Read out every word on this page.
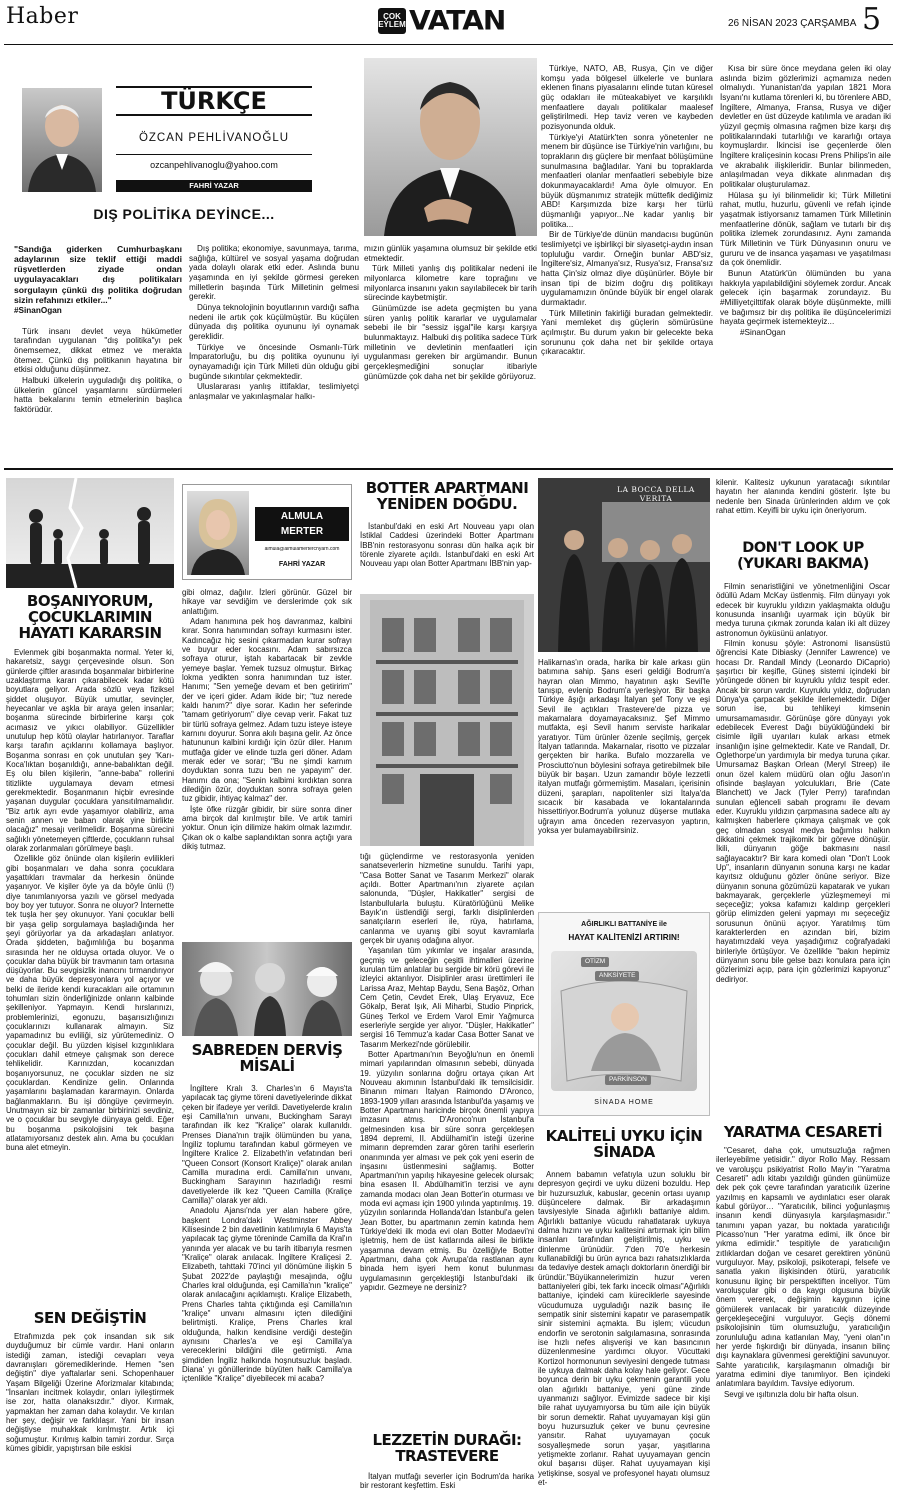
Haber	ÇOK EYLEM VATAN	26 NİSAN 2023 ÇARŞAMBA 5
TÜRKÇE
ÖZCAN PEHLİVANOĞLU
ozcanpehlivanoglu@yahoo.com
FAHRİ YAZAR
DIŞ POLİTİKA DEYİNCE...

"Sandığa giderken Cumhurbaşkanı adaylarının size teklif ettiği maddi rüşvetlerden ziyade ondan uygulayacakları dış politikaları sorgulayın çünkü dış politika doğrudan sizin refahınızı etkiler..."

#SinanOgan

Türk insanı devlet veya hükümetler tarafından uygulanan "dış politika"yı pek önemsemez, dikkat etmez ve merakta ötemez. Çünkü dış politikanın hayatına bir etkisi olduğunu düşünmez.

Halbuki ülkelerin uyguladığı dış politika, o ülkelerin güncel yaşamlarını sürdürmeleri hatta bekalarını temin etmelerinin başlıca faktörüdür.

Dış politika; ekonomiye, savunmaya, tarıma, sağlığa, kültürel ve sosyal yaşama doğrudan yada dolaylı olarak etki eder. Aslında bunu yaşamında en iyi şekilde görmesi gereken milletlerin başında Türk Milletinin gelmesi gerekir.

Dünya teknolojinin boyutlarının vardığı safha nedeni ile artık çok küçülmüştür. Bu küçülen dünyada dış politika oyununu iyi oynamak gereklidir.

Türkiye ve öncesinde Osmanlı-Türk İmparatorluğu, bu dış politika oyununu iyi oynayamadığı için Türk Milleti dün olduğu gibi bugünde sıkıntılar çekmektedir.

Uluslararası yanlış ittifaklar, teslimiyetçi anlaşmalar ve yakınlaşmalar halkı-

mızın günlük yaşamına olumsuz bir şekilde etki etmektedir.

Türk Milleti yanlış dış politikalar nedeni ile milyonlarca kilometre kare toprağını ve milyonlarca insanını yakın sayılabilecek bir tarih sürecinde kaybetmiştir.

Günümüzde ise adeta geçmişten bu yana süren yanlış politik kararlar ve uygulamalar sebebi ile bir "sessiz işgal"ile karşı karşıya bulunmaktayız. Halbuki dış politika sadece Türk milletinin ve devletinin menfaatleri için uygulanması gereken bir argümandır. Bunun gerçekleşmediğini sonuçlar itibariyle günümüzde çok daha net bir şekilde görüyoruz.

Türkiye, NATO, AB, Rusya, Çin ve diğer komşu yada bölgesel ülkelerle ve bunlara eklenen finans piyasalarını elinde tutan küresel güç odakları ile müteakabiyet ve karşılıklı menfaatlere dayalı politikalar maalesef geliştirilmedi. Hep taviz veren ve kaybeden pozisyonunda olduk.

Türkiye'yi Atatürk'ten sonra yönetenler ne menem bir düşünce ise Türkiye'nin varlığını, bu toprakların dış güçlere bir menfaat bölüşümüne sunulmasına bağladılar. Yani bu topraklarda menfaatleri olanlar menfaatleri sebebiyle bize dokunmayacaklardı! Ama öyle olmuyor. En büyük düşmanımız stratejik müttefik dediğimiz ABD! Karşımızda bize karşı her türlü düşmanlığı yapıyor...Ne kadar yanlış bir politika...

Bir de Türkiye'de dünün mandacısı bugünün teslimiyetçi ve işbirlikçi bir siyasetçi-aydın insan topluluğu vardır. Örneğin bunlar ABD'siz, İngiltere'siz, Almanya'sız, Rusya'sız, Fransa'sız hatta Çin'siz olmaz diye düşünürler. Böyle bir insan tipi de bizim doğru dış politikayı uygulamamızın önünde büyük bir engel olarak durmaktadır.

Türk Milletinin fakirliği buradan gelmektedir. Yani memleket dış güçlerin sömürüsüne açılmıştır. Bu durum yakın bir gelecekte beka sorununu çok daha net bir şekilde ortaya çıkaracaktır.

Kısa bir süre önce meydana gelen iki olay aslında bizim gözlerimizi açmamıza neden olmalıydı. Yunanistan'da yapılan 1821 Mora İsyanı'nı kutlama törenleri ki, bu törenlere ABD, İngiltere, Almanya, Fransa, Rusya ve diğer devletler en üst düzeyde katılımla ve aradan iki yüzyıl geçmiş olmasına rağmen bize karşı dış politikalarındaki tutarlılığı ve kararlığı ortaya koymuşlardır. İkincisi ise geçenlerde ölen İngiltere kraliçesinin kocası Prens Philips'in aile ve akrabalık ilişkileridir. Bunlar bilinmeden, anlaşılmadan veya dikkate alınmadan dış politikalar oluşturulamaz.

Hülasa şu iyi bilinmelidir ki; Türk Milletini rahat, mutlu, huzurlu, güvenli ve refah içinde yaşatmak istiyorsanız tamamen Türk Milletinin menfaatlerine dönük, sağlam ve tutarlı bir dış politika izlemek zorundasınız. Aynı zamanda Türk Milletinin ve Türk Dünyasının onuru ve gururu ve de insanca yaşaması ve yaşatılması da çok önemlidir.

Bunun Atatürk'ün ölümünden bu yana hakkıyla yapılabildiğini söylemek zordur. Ancak gelecek için başarmak zorundayız. Bu #Milliyetçilttifak olarak böyle düşünmekte, milli ve bağımsız bir dış politika ile düşüncelerimizi hayata geçirmek istemekteyiz...

#SinanOgan

BOŞANIYORUM, ÇOCUKLARIMIN HAYATI KARARSIN

Evlenmek gibi boşanmakta normal. Yeter ki, hakaretsiz, saygı çerçevesinde olsun. Son günlerde çiftler arasında boşanmalar birbirlerine uzaklaştırma kararı çıkarabilecek kadar kötü boyutlara geliyor. Arada sözlü veya fiziksel şiddet oluşuyor. Büyük umutlar, sevinçler, heyecanlar ve aşkla bir araya gelen insanlar; boşanma sürecinde birbirlerine karşı çok acımasız ve yıkıcı olabiliyor. Güzellikler unutulup hep kötü olaylar hatırlanıyor. Taraflar karşı tarafın açıklarını kollamaya başlıyor. Boşanma sonrası en çok unutulan şey 'Karı-Koca'lıktan boşanıldığı, anne-babalıktan değil. Eş olu bilen kişilerin, "anne-baba" rollerini titizlikte uygulamaya devam etmesi gerekmektedir. Boşanmanın hiçbir evresinde yaşanan duygular çocuklara yansıtılmamalıdır. "Biz artık ayrı evde yaşamıyor olabiliriz, ama senin annen ve baban olarak yine birlikte olacağız" mesajı verilmelidir. Boşanma sürecini sağlıklı yönetemeyen çiftlerde, çocukların ruhsal olarak zorlanmaları görülmeye başlı.

Özellikle göz önünde olan kişilerin evlilikleri gibi boşanmaları ve daha sonra çocuklara yaşattıkları travmalar da herkesin önünde yaşanıyor. Ve kişiler öyle ya da böyle ünlü (!) diye tanımlanıyorsa yazılı ve görsel medyada boy boy yer tutuyor. Sonra ne oluyor? İnternette tek tuşla her şey okunuyor. Yani çocuklar belli bir yaşa gelip sorgulamaya başladığında her şeyi görüyorlar ya da arkadaşları anlatıyor. Orada şiddeten, bağımlılığa bu boşanma sırasında her ne olduysa ortada oluyor. Ve o çocuklar daha büyük bir travmanın tam ortasına düşüyorlar. Bu sevgisizlik inancını tırmandırıyor ve daha büyük depresyonlara yol açıyor ve belki de ileride kendi kuracakları aile ortamının tohumları sizin önderliğinizde onların kalbinde şekilleniyor. Yapmayın. Kendi hırslarınızı, problemlerinizi, egonuzu, başarısızlığınızı çocuklarınızı kullanarak almayın. Siz yapamadınız bu evliliği, siz yürütemediniz. O çocuklar değil. Bu yüzden kişisel kızgınlıklara çocukları dahil etmeye çalışmak son derece tehlikelidir. Karınızdan, kocanızdan boşanıyorsunuz, ne çocuklar sizden ne siz çocuklardan. Kendinize gelin. Onlarında yaşamlarını başlamadan kararmayın. Onlarda bağlanmakların. Bu işi döngüye çevirmeyin. Unutmayın siz bir zamanlar birbirinizi sevdiniz, ve o çocuklar bu sevgiyle dünyaya geldi. Eğer bu boşanma psikolojisini tek başına atlatamıyorsanız destek alın. Ama bu çocukları buna alet etmeyin.

SEN DEĞİŞTİN

Etrafımızda pek çok insandan sık sık duyduğumuz bir cümle vardır. Hani onların istediği zaman, istediği cevapları veya davranışları göremediklerinde. Hemen "sen değiştin" diye yaftalarlar seni. Schopenhauer Yaşam Bilgeliği Üzerine Aforizmalar kitabında; "İnsanları incitmek kolaydır, onları iyileştirmek ise zor, hatta olanaksızdır." diyor. Kırmak, yapmaktan her zaman daha kolaydır. Ve kırılan her şey, değişir ve farklılaşır. Yani bir insan değiştiyse muhakkak kırılmıştır. Artık içi soğumuştur. Kırılmış kalbin tamiri zordur. Sırça kümes gibidir, yapıştırsan bile eskisi

ALMULA
MERTER
almula@almulamerterchyarn.com
FAHRİ YAZAR

gibi olmaz, dağılır. İzleri görünür. Güzel bir hikaye var sevdiğim ve derslerimde çok sık anlattığım.

Adam hanımına pek hoş davranmaz, kalbini kırar. Sonra hanımından sofrayı kurmasını ister. Kadıncağız hiç sesini çıkarmadan kurar sofrayı ve buyur eder kocasını. Adam sabırsızca sofraya oturur, iştah kabartacak bir zevkle yemeye başlar. Yemek tuzsuz olmuştur. Birkaç lokma yedikten sonra hanımından tuz ister. Hanımı; "Sen yemeğe devam et ben getiririm" der ve içeri gider. Adam ikide bir; "tuz nerede kaldı hanım?" diye sorar. Kadın her seferinde "tamam getiriyorum" diye cevap verir. Fakat tuz bir türlü sofraya gelmez. Adam tuzu isteye isteye karnını doyurur. Sonra akılı başına gelir. Az önce hatununun kalbini kırdığı için özür diler. Hanım mutfağa gider ve elinde tuzla geri döner. Adam merak eder ve sorar; "Bu ne şimdi karnım doyduktan sonra tuzu ben ne yapayım" der. Hanımı da ona; "Senin kalbimi kırdıktan sonra dilediğin özür, doyduktan sonra sofraya gelen tuz gibidir, ihtiyaç kalmaz" der.

İşte öfke rüzgâr gibidir, bir süre sonra diner ama birçok dal kırılmıştır bile. Ve artık tamiri yoktur. Onun için dilimize hakim olmak lazımdır. Çıkan ok o kalbe saplandıktan sonra açtığı yara dikiş tutmaz.

SABREDEN DERVİŞ MİSALİ

İngiltere Kralı 3. Charles'ın 6 Mayıs'ta yapılacak taç giyme töreni davetiyelerinde dikkat çeken bir ifadeye yer verildi. Davetiyelerde kralın eşi Camilla'nın unvanı, Buckingham Sarayı tarafından ilk kez "Kraliçe" olarak kullanıldı. Prenses Diana'nın trajik ölümünden bu yana, İngiliz toplumu tarafından kabul görmeyen ve İngiltere Kralice 2. Elizabeth'in vefatından beri "Queen Consort (Konsort Kraliçe)" olarak anılan Camilla muradına erdi. Camilla'nın unvanı, Buckingham Sarayının hazırladığı resmi davetiyelerde ilk kez "Queen Camilla (Kraliçe Camilla)" olarak yer aldı.

Anadolu Ajansı'nda yer alan habere göre, başkent Londra'daki Westminster Abbey Kilisesinde 2 bin davetlinin katılımıyla 6 Mayıs'ta yapılacak taç giyme töreninde Camilla da Kral'ın yanında yer alacak ve bu tarih itibarıyla resmen "Kraliçe" olarak anılacak. İngiltere Kraliçesi 2. Elizabeth, tahttaki 70'inci yıl dönümüne ilişkin 5 Şubat 2022'de paylaştığı mesajında, oğlu Charles kral olduğunda, eşi Camilla'nın "kraliçe" olarak anılacağını açıklamıştı. Kraliçe Elizabeth, Prens Charles tahta çıktığında eşi Camilla'nın "kraliçe" unvanı almasını içten dilediğini belirtmişti. Kraliçe, Prens Charles kral olduğunda, halkın kendisine verdiği desteğin aynısını Charles'a ve eşi Camilla'ya vereceklerini bildiğini dile getirmişti. Ama şimdiden İngiliz halkında hoşnutsuzluk başladı. Diana' yı gönüllerinde büyüten halk Camilla'ya içtenlikle "Kraliçe" diyebilecek mi acaba?

BOTTER APARTMANI YENİDEN DOĞDU.

İstanbul'daki en eski Art Nouveau yapı olan İstiklal Caddesi üzerindeki Botter Apartmanı İBB'nin restorasyonu sonrası dün halka açık bir törenle ziyarete açıldı. İstanbul'daki en eski Art Nouveau yapı olan Botter Apartmanı İBB'nin yap-

tığı güçlendirme ve restorasyonla yeniden sanatseverlerin hizmetine sunuldu. Tarihi yapı, "Casa Botter Sanat ve Tasarım Merkezi" olarak açıldı. Botter Apartmanı'nın ziyarete açılan salonunda, "Düşler, Hakikatler" sergisi de İstanbullularla buluştu. Küratörlüğünü Melike Bayık'ın üstlendiği sergi, farklı disiplinlerden sanatçıların eserleri ile, rüya, hatırlama, canlanma ve uyanış gibi soyut kavramlarla gerçek bir uyanış odağına alıyor.

Yaşanılan tüm yıkımlar ve inşalar arasında, geçmiş ve geleceğin çeşitli ihtimalleri üzerine kurulan tüm anlatılar bu sergide bir körü görevi ile izleyici aktarılıyor. Disiplinler arası ürettimleri ile Larissa Araz, Mehtap Baydu, Sena Başöz, Orhan Cem Çetin, Cevdet Erek, Ulaş Eryavuz, Ece Gökalp, Berat Işık, Ali Miharbi, Studio Pinprick, Güneş Terkol ve Erdem Varol Emir Yağmurca eserleriyle sergide yer alıyor. "Düşler, Hakikatler" sergisi 16 Temmuz'a kadar Casa Botter Sanat ve Tasarım Merkezi'nde görülebilir.

Botter Apartmanı'nın Beyoğlu'nun en önemli mimari yapılarından olmasının sebebi, dünyada 19. yüzyılın sonlarına doğru ortaya çıkan Art Nouveau akımının İstanbul'daki ilk temsilcisidir. Binanın mimarı İtalyan Raimondo D'Aronco, 1893-1909 yılları arasında İstanbul'da yaşamış ve Botter Apartmanı haricinde birçok önemli yapıya imzasını atmış. D'Aronco'nun İstanbul'a gelmesinden kısa bir süre sonra gerçekleşen 1894 depremi, II. Abdülhamit'in isteği üzerine mimarın depremden zarar gören tarihi eserlerin onarımında yer alması ve pek çok yeni eserin de inşasını üstlenmesini sağlamış. Botter Apartmanı'nın yapılış hikayesine gelecek olursak; bina esasen II. Abdülhamit'in terzisi ve aynı zamanda modacı olan Jean Botter'in oturması ve moda evi açması için 1900 yılında yaptırılmış. 19. yüzyılın sonlarında Hollanda'dan İstanbul'a gelen Jean Botter, bu apartmanın zemin katında hem Türkiye'deki ilk moda evi olan Botter Modaevi'ni işletmiş, hem de üst katlarında ailesi ile birlikte yaşamına devam etmiş. Bu özelliğiyle Botter Apartmanı, daha çok Avrupa'da rastlanan aynı binada hem işyeri hem konut bulunması uygulamasının gerçekleştiği İstanbul'daki ilk yapıdır. Gezmeye ne dersiniz?

LEZZETİN DURAĞI: TRASTEVERE

İtalyan mutfağı severler için Bodrum'da harika bir restorant keşfettim. Eski

LA BOCCA DELLA VERITA

Halikarnas'ın orada, harika bir kale arkası gün batımına sahip. Şans eseri geldiği Bodrum'a hayran olan Mimmo, hayatının aşkı Sevil'le tanışıp, evlenip Bodrum'a yerleşiyor. Bir başka Türkiye âşığı arkadaşı İtalyan şef Tony ve eşi Sevil ile açtıkları Trastevere'de pizza ve makarnalara doyamayacaksınız. Şef Mimmo mutfakta, eşi Sevil hanım serviste harikalar yaratıyor. Tüm ürünler özenle seçilmiş, gerçek İtalyan tatlarında. Makarnalar, risotto ve pizzalar gerçekten bir harika. Bufalo mozzarella ve Prosciutto'nun böylesini sofraya getirebilmek bile büyük bir başarı. Uzun zamandır böyle lezzetli italyan mutfağı görmemiştim. Masaları, içerisinin düzeni, şarapları, napolitenler sizi İtalya'da sıcacık bir kasabada ve lokantalarında hissettiriyor.Bodrum'a yolunuz düşerse mutlaka uğrayın ama önceden rezervasyon yaptırın, yoksa yer bulamayabilirsiniz.

AĞIRLIKLI BATTANİYE ile
HAYAT KALİTENİZİ ARTIRIN!
OTİZM
ANKSİYETE
PARKİNSON
SİNADA HOME
KALİTELİ UYKU İÇİN SİNADA

Annem babamın vefatıyla uzun soluklu bir depresyon geçirdi ve uyku düzeni bozuldu. Hep bir huzursuzluk, kabuslar, gecenin ortası uyanıp düşüncelere dalmak. Bir arkadaşımın tavsiyesiyle Sinada ağırlıklı battaniye aldım. Ağırlıklı battaniye vücudu rahatlatarak uykuya dalma hızını ve uyku kalitesini artırmak için bilim insanları tarafından geliştirilmiş, uyku ve dinlenme ürünüdür. 7'den 70'e herkesin kullanabildiği bu ürün ayrıca bazı rahatsızlıklarda da tedaviye destek amaçlı doktorların önerdiği bir üründür."Büyükannelerimizin huzur veren battaniyeleri gibi, tek farkı incecik olması"Ağırlıklı battaniye, içindeki cam küreciklerle sayesinde vücudumuza uyguladığı nazik basınç ile sempatik sinir sistemini kapatır ve parasempatik sinir sistemini açmakta. Bu işlem; vücudun endorfin ve serotonin salgılamasına, sonrasında ise hızlı nefes alışverişi ve kan basıncının düzenlenmesine yardımcı oluyor. Vücuttaki Kortizol hormonunun seviyesini dengede tutması ile uykuya dalmak daha kolay hale geliyor. Gece boyunca derin bir uyku çekmenin garantili yolu olan ağırlıklı battaniye, yeni güne zinde uyanmanızı sağlıyor. Evimizde sadece bir kişi bile rahat uyuyamıyorsa bu tüm aile için büyük bir sorun demektir. Rahat uyuyamayan kişi gün boyu huzursuzluk çeker ve bunu çevresine yansıtır. Rahat uyuyamayan çocuk sosyalleşmede sorun yaşar, yaşıtlarına yetişmekte zorlanır. Rahat uyuyamayan gencin okul başarısı düşer. Rahat uyuyamayan kişi yetişkinse, sosyal ve profesyonel hayatı olumsuz et-

kilenir. Kalitesiz uykunun yaratacağı sıkıntılar hayatın her alanında kendini gösterir. İşte bu nedenle ben Sinada ürünlerinden aldım ve çok rahat ettim. Keyifli bir uyku için öneriyorum.

DON'T LOOK UP (YUKARI BAKMA)

Filmin senaristliğini ve yönetmenliğini Oscar ödüllü Adam McKay üstlenmiş. Film dünyayı yok edecek bir kuyruklu yıldızın yaklaşmakta olduğu konusunda insanlığı uyarmak için büyük bir medya turuna çıkmak zorunda kalan iki alt düzey astronomun öyküsünü anlatıyor.

Filmin konusu şöyle: Astronomi lisansüstü öğrencisi Kate Dibiasky (Jennifer Lawrence) ve hocası Dr. Randall Mindy (Leonardo DiCaprio) şaşırtıcı bir keşifle, Güneş sistemi içindeki bir yörüngede dönen bir kuyruklu yıldız tespit eder. Ancak bir sorun vardır. Kuyruklu yıldız, doğrudan Dünya'ya çarpacak şekilde ilerlemektedir. Diğer sorun ise, bu tehlikeyi kimsenin umursamamasıdır. Görünüşe göre dünyayı yok edebilecek Everest Dağı büyüklüğündeki bir cisimle ilgili uyarıları kulak arkası etmek insanlığın işine gelmektedir. Kate ve Randall, Dr. Oglethorpe'un yardımıyla bir medya turuna çıkar. Umursamaz Başkan Orlean (Meryl Streep) ile onun özel kalem müdürü olan oğlu Jason'ın ofisinde başlayan yolculukları, Brie (Cate Blanchett) ve Jack (Tyler Perry) tarafından sunulan eğlenceli sabah programı ile devam eder. Kuyruklu yıldızın çarpmasına sadece altı ay kalmışken haberlere çıkmaya çalışmak ve çok geç olmadan sosyal medya bağımlısı halkın dikkatini çekmek trajikomik bir göreve dönüşür. İkili, dünyanın göğe bakmasını nasıl sağlayacaktır? Bir kara komedi olan "Don't Look Up", insanların dünyanın sonuna karşı ne kadar kayıtsız olduğunu gözler önüne seriyor. Bize dünyanın sonuna gözümüzü kapatarak ve yukarı bakmayarak, gerçeklerle yüzleşmemeyi mi seçeceğiz; yoksa kafamızı kaldırıp gerçekleri görüp elimizden geleni yapmayı mı seçeceğiz sorusunun önünü açıyor. Yaratılmış tüm karakterlerden en azından biri, bizim hayatımızdaki veya yaşadığımız coğrafyadaki birileriyle örtüşüyor. Ve özellikle "bakın hepimiz dünyanın sonu bile gelse bazı konulara para için gözlerimizi açıp, para için gözlerimizi kapıyoruz" dediriyor.

YARATMA CESARETİ

"Cesaret, daha çok, umutsuzluğa rağmen ilerleyebilme yetisidir." diyor Rollo May. Ressam ve varoluşçu psikiyatrist Rollo May'in "Yaratma Cesareti" adlı kitabı yazıldığı günden günümüze dek pek çok çevre tarafından yaratıcılık üzerine yazılmış en kapsamlı ve aydınlatıcı eser olarak kabul görüyor… "Yaratıcılık, bilinci yoğunlaşmış insanın kendi dünyasıyla karşılaşmasıdır." tanımını yapan yazar, bu noktada yaratıcılığı Picasso'nun "Her yaratma edimi, ilk önce bir yıkma edimidir." tespitiyle de yaratıcılığın zıtlıklardan doğan ve cesaret gerektiren yönünü vurguluyor. May, psikoloji, psikoterapi, felsefe ve sanatla yakın ilişkisinden ötürü, yaratıcılık konusunu ilginç bir perspektiften inceliyor. Tüm varoluşçular gibi o da kaygı olgusuna büyük önem vererek, değişimin kaygının içine gömülerek varılacak bir yaratıcılık düzeyinde gerçekleşeceğini vurguluyor. Geçiş dönemi psikolojisinin tüm olumsuzluğu, yaratıcılığın zorunluluğu adına katlanılan May, "yeni olan"ın her yerde fışkırdığı bir dünyada, insanın bilinç dışı kaynaklara güvenmesi gerektiğini savunuyor. Sahte yaratıcılık, karşılaşmanın olmadığı bir yaratma edimini diye tanımlıyor. Ben içindeki anlatımlara bayıldım. Tavsiye ediyorum.

Sevgi ve ışıltınızla dolu bir hafta olsun.
